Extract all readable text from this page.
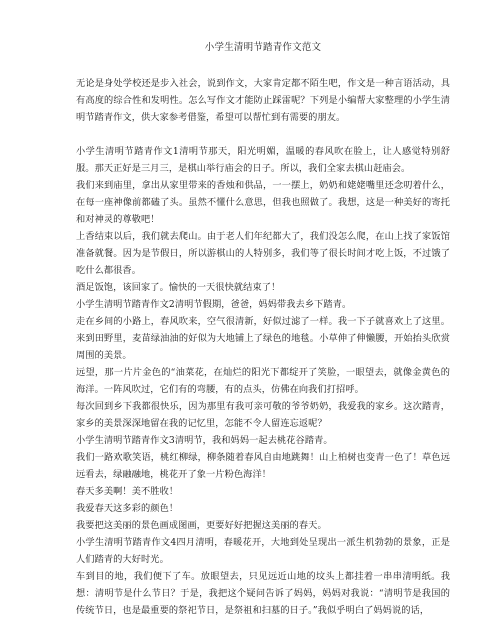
小学生清明节踏青作文范文

无论是身处学校还是步入社会，说到作文，大家肯定都不陌生吧，作文是一种言语活动，具有高度的综合性和发明性。怎么写作文才能防止踩雷呢？下列是小编帮大家整理的小学生清明节踏青作文，供大家参考借鉴，希望可以帮忙到有需要的朋友。

小学生清明节踏青作文1清明节那天，阳光明媚，温暖的春风吹在脸上，让人感觉特别舒服。那天正好是三月三，是棋山举行庙会的日子。所以，我们全家去棋山赶庙会。

我们来到庙里，拿出从家里带来的香烛和供品，一一摆上，奶奶和姥姥嘴里还念叨着什么，在每一座神像前都磕了头。虽然不懂什么意思，但我也照做了。我想，这是一种美好的寄托和对神灵的尊敬吧！

上香结束以后，我们就去爬山。由于老人们年纪都大了，我们没怎么爬，在山上找了家饭馆准备就餐。因为是节假日，所以游棋山的人特别多，我们等了很长时间才吃上饭，不过饿了吃什么都很香。

酒足饭饱，该回家了。愉快的一天很快就结束了！

小学生清明节踏青作文2清明节假期，爸爸，妈妈带我去乡下踏青。

走在乡间的小路上，春风吹来，空气很清新，好似过滤了一样。我一下子就喜欢上了这里。来到田野里，麦苗绿油油的好似为大地铺上了绿色的地毯。小草伸了伸懒腰，开始抬头欣赏周围的美景。

远望，那一片片金色的“油菜花，在灿烂的阳光下都绽开了笑脸，一眼望去，就像金黄色的海洋。一阵风吹过，它们有的弯腰，有的点头，仿佛在向我们打招呼。

每次回到乡下我都很快乐，因为那里有我可亲可敬的爷爷奶奶，我爱我的家乡。这次踏青，家乡的美景深深地留在我的记忆里，怎能不令人留连忘返呢？

小学生清明节踏青作文3清明节，我和妈妈一起去桃花谷踏青。

我们一路欢歌笑语，桃红柳绿，柳条随着春风自由地跳舞！山上柏树也变青一色了！草色远远看去，绿融融地，桃花开了象一片粉色海洋！

春天多美啊！美不胜收！

我爱春天这多彩的颜色！

我要把这美丽的景色画成图画，更要好好把握这美丽的春天。

小学生清明节踏青作文4四月清明，春暖花开，大地到处呈现出一派生机勃勃的景象，正是人们踏青的大好时光。

车到目的地，我们便下了车。放眼望去，只见远近山地的坟头上都挂着一串串清明纸。我想：清明节是什么节日？于是，我把这个疑问告诉了妈妈，妈妈对我说：“清明节是我国的传统节日，也是最重要的祭祀节日，是祭祖和扫墓的日子。”我似乎明白了妈妈说的话，
